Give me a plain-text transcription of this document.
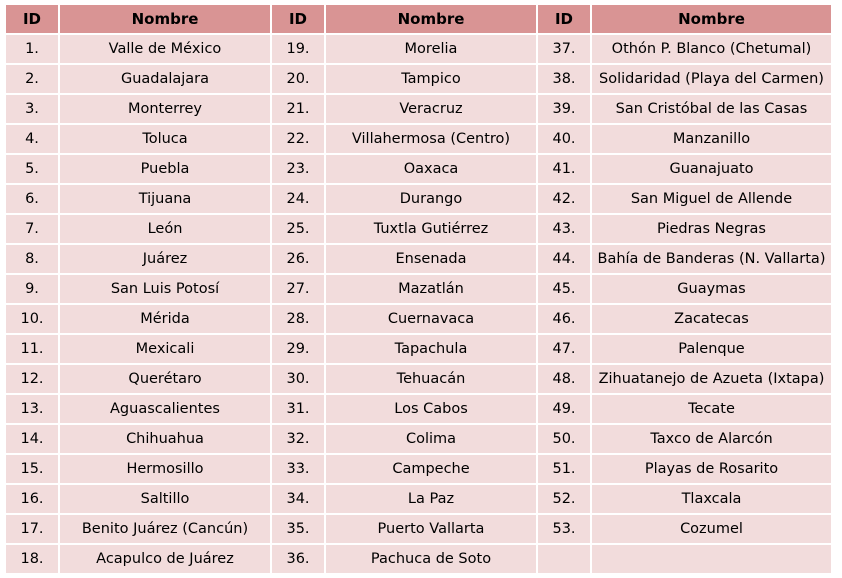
ID	Nombre	ID	Nombre	ID	Nombre
1.	Valle de México	19.	Morelia	37.	Othón P. Blanco (Chetumal)
2.	Guadalajara	20.	Tampico	38.	Solidaridad (Playa del Carmen)
3.	Monterrey	21.	Veracruz	39.	San Cristóbal de las Casas
4.	Toluca	22.	Villahermosa (Centro)	40.	Manzanillo
5.	Puebla	23.	Oaxaca	41.	Guanajuato
6.	Tijuana	24.	Durango	42.	San Miguel de Allende
7.	León	25.	Tuxtla Gutiérrez	43.	Piedras Negras
8.	Juárez	26.	Ensenada	44.	Bahía de Banderas (N. Vallarta)
9.	San Luis Potosí	27.	Mazatlán	45.	Guaymas
10.	Mérida	28.	Cuernavaca	46.	Zacatecas
11.	Mexicali	29.	Tapachula	47.	Palenque
12.	Querétaro	30.	Tehuacán	48.	Zihuatanejo de Azueta (Ixtapa)
13.	Aguascalientes	31.	Los Cabos	49.	Tecate
14.	Chihuahua	32.	Colima	50.	Taxco de Alarcón
15.	Hermosillo	33.	Campeche	51.	Playas de Rosarito
16.	Saltillo	34.	La Paz	52.	Tlaxcala
17.	Benito Juárez (Cancún)	35.	Puerto Vallarta	53.	Cozumel
18.	Acapulco de Juárez	36.	Pachuca de Soto		
